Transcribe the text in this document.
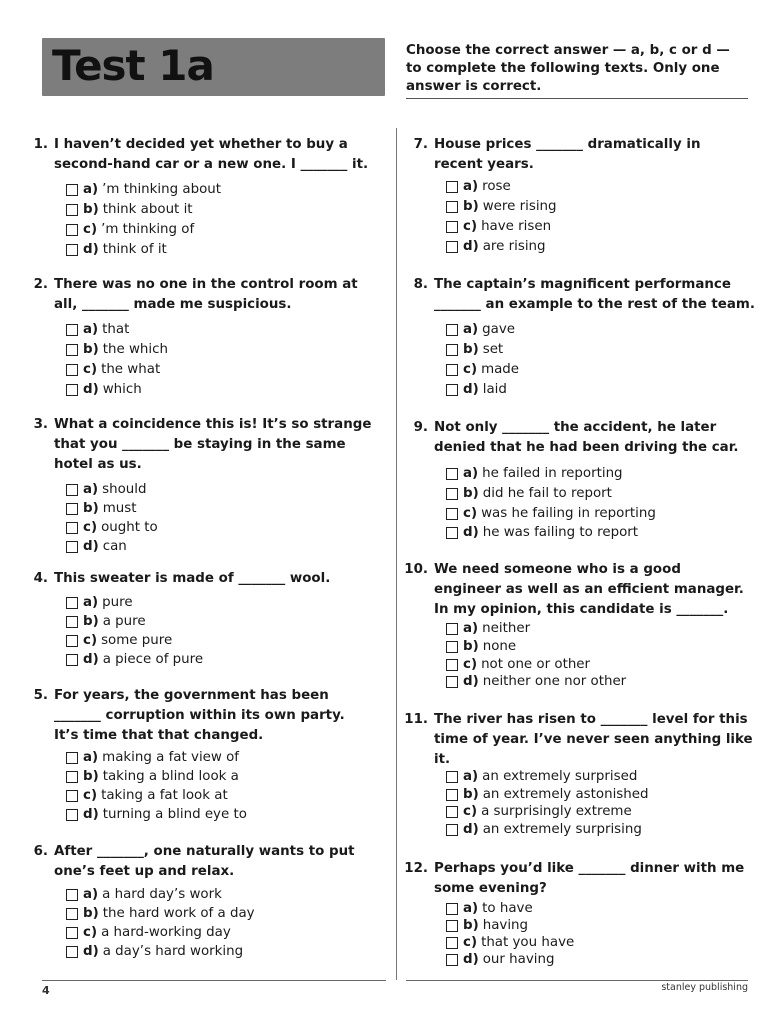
Test 1a	Choose the correct answer — a, b, c or d —
to complete the following texts. Only one
answer is correct.
1. I haven’t decided yet whether to buy a
second-hand car or a new one. I _______ it.
a) ’m thinking about
b) think about it
c) ’m thinking of
d) think of it
2. There was no one in the control room at
all, _______ made me suspicious.
a) that
b) the which
c) the what
d) which
3. What a coincidence this is! It’s so strange
that you _______ be staying in the same
hotel as us.
a) should
b) must
c) ought to
d) can
4. This sweater is made of _______ wool.
a) pure
b) a pure
c) some pure
d) a piece of pure
5. For years, the government has been
_______ corruption within its own party.
It’s time that that changed.
a) making a fat view of
b) taking a blind look a
c) taking a fat look at
d) turning a blind eye to
6. After _______, one naturally wants to put
one’s feet up and relax.
a) a hard day’s work
b) the hard work of a day
c) a hard-working day
d) a day’s hard working
7. House prices _______ dramatically in
recent years.
a) rose
b) were rising
c) have risen
d) are rising
8. The captain’s magnificent performance
_______ an example to the rest of the team.
a) gave
b) set
c) made
d) laid
9. Not only _______ the accident, he later
denied that he had been driving the car.
a) he failed in reporting
b) did he fail to report
c) was he failing in reporting
d) he was failing to report
10. We need someone who is a good
engineer as well as an efficient manager.
In my opinion, this candidate is _______.
a) neither
b) none
c) not one or other
d) neither one nor other
11. The river has risen to _______ level for this
time of year. I’ve never seen anything like
it.
a) an extremely surprised
b) an extremely astonished
c) a surprisingly extreme
d) an extremely surprising
12. Perhaps you’d like _______ dinner with me
some evening?
a) to have
b) having
c) that you have
d) our having
4	stanley publishing
